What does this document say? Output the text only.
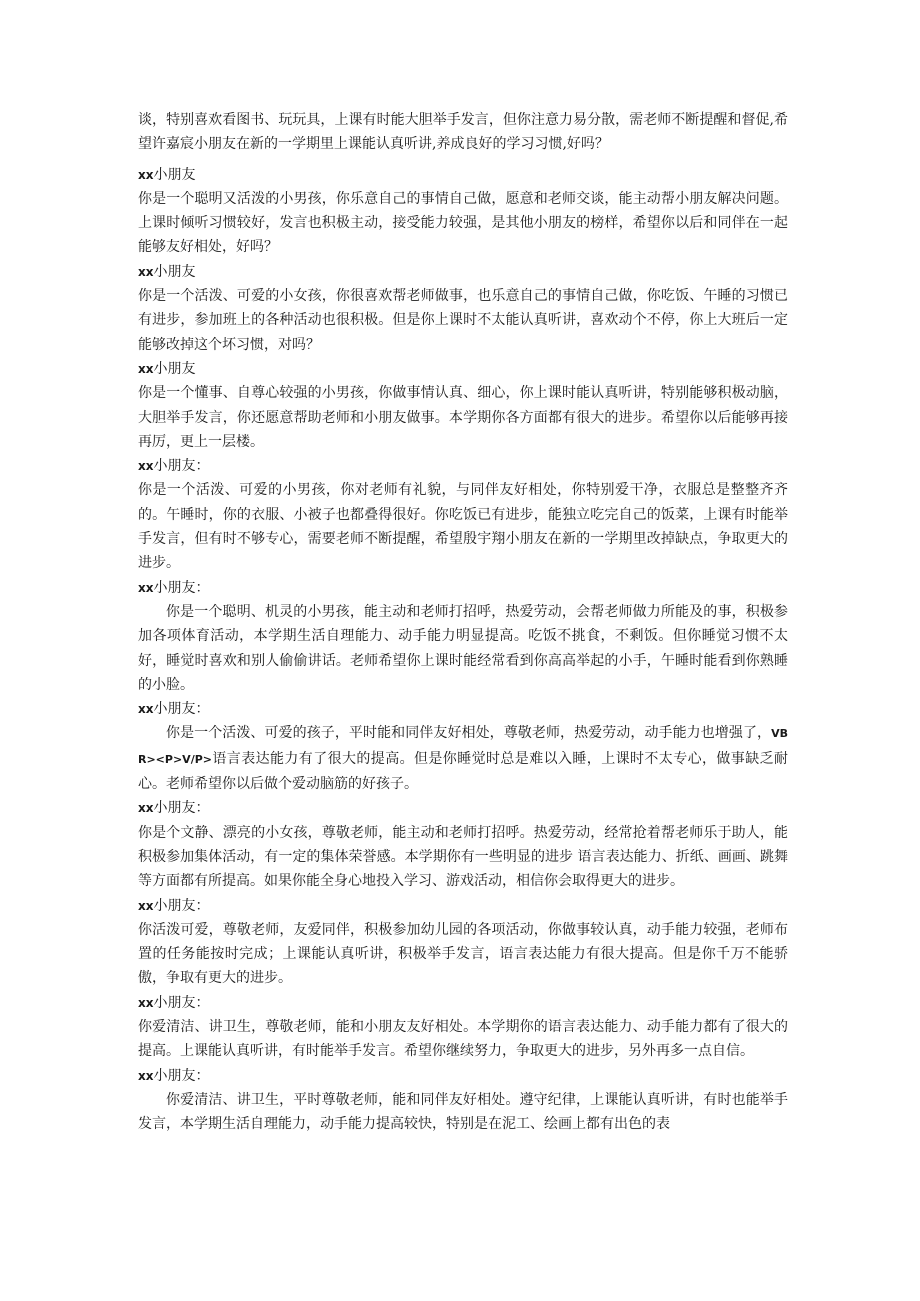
谈，特别喜欢看图书、玩玩具，上课有时能大胆举手发言，但你注意力易分散，需老师不断提醒和督促,希望许嘉宸小朋友在新的一学期里上课能认真听讲,养成良好的学习习惯,好吗？

xx小朋友

你是一个聪明又活泼的小男孩，你乐意自己的事情自己做，愿意和老师交谈，能主动帮小朋友解决问题。上课时倾听习惯较好，发言也积极主动，接受能力较强，是其他小朋友的榜样，希望你以后和同伴在一起能够友好相处，好吗？

xx小朋友

你是一个活泼、可爱的小女孩，你很喜欢帮老师做事，也乐意自己的事情自己做，你吃饭、午睡的习惯已有进步，参加班上的各种活动也很积极。但是你上课时不太能认真听讲，喜欢动个不停，你上大班后一定能够改掉这个坏习惯，对吗？

xx小朋友

你是一个懂事、自尊心较强的小男孩，你做事情认真、细心，你上课时能认真听讲，特别能够积极动脑，大胆举手发言，你还愿意帮助老师和小朋友做事。本学期你各方面都有很大的进步。希望你以后能够再接再厉，更上一层楼。

xx小朋友：

你是一个活泼、可爱的小男孩，你对老师有礼貌，与同伴友好相处，你特别爱干净，衣服总是整整齐齐的。午睡时，你的衣服、小被子也都叠得很好。你吃饭已有进步，能独立吃完自己的饭菜，上课有时能举手发言，但有时不够专心，需要老师不断提醒，希望殷宇翔小朋友在新的一学期里改掉缺点，争取更大的进步。

xx小朋友：

你是一个聪明、机灵的小男孩，能主动和老师打招呼，热爱劳动，会帮老师做力所能及的事，积极参加各项体育活动，本学期生活自理能力、动手能力明显提高。吃饭不挑食，不剩饭。但你睡觉习惯不太好，睡觉时喜欢和别人偷偷讲话。老师希望你上课时能经常看到你高高举起的小手，午睡时能看到你熟睡的小脸。

xx小朋友：

你是一个活泼、可爱的孩子，平时能和同伴友好相处，尊敬老师，热爱劳动，动手能力也增强了，VBR><P>V/P>语言表达能力有了很大的提高。但是你睡觉时总是难以入睡，上课时不太专心，做事缺乏耐心。老师希望你以后做个爱动脑筋的好孩子。

xx小朋友：

你是个文静、漂亮的小女孩，尊敬老师，能主动和老师打招呼。热爱劳动，经常抢着帮老师乐于助人，能积极参加集体活动，有一定的集体荣誉感。本学期你有一些明显的进步 语言表达能力、折纸、画画、跳舞等方面都有所提高。如果你能全身心地投入学习、游戏活动，相信你会取得更大的进步。

xx小朋友：

你活泼可爱，尊敬老师，友爱同伴，积极参加幼儿园的各项活动，你做事较认真，动手能力较强，老师布置的任务能按时完成；上课能认真听讲，积极举手发言，语言表达能力有很大提高。但是你千万不能骄傲，争取有更大的进步。

xx小朋友：

你爱清洁、讲卫生，尊敬老师，能和小朋友友好相处。本学期你的语言表达能力、动手能力都有了很大的提高。上课能认真听讲，有时能举手发言。希望你继续努力，争取更大的进步，另外再多一点自信。

xx小朋友：

你爱清洁、讲卫生，平时尊敬老师，能和同伴友好相处。遵守纪律，上课能认真听讲，有时也能举手发言，本学期生活自理能力，动手能力提高较快，特别是在泥工、绘画上都有出色的表
